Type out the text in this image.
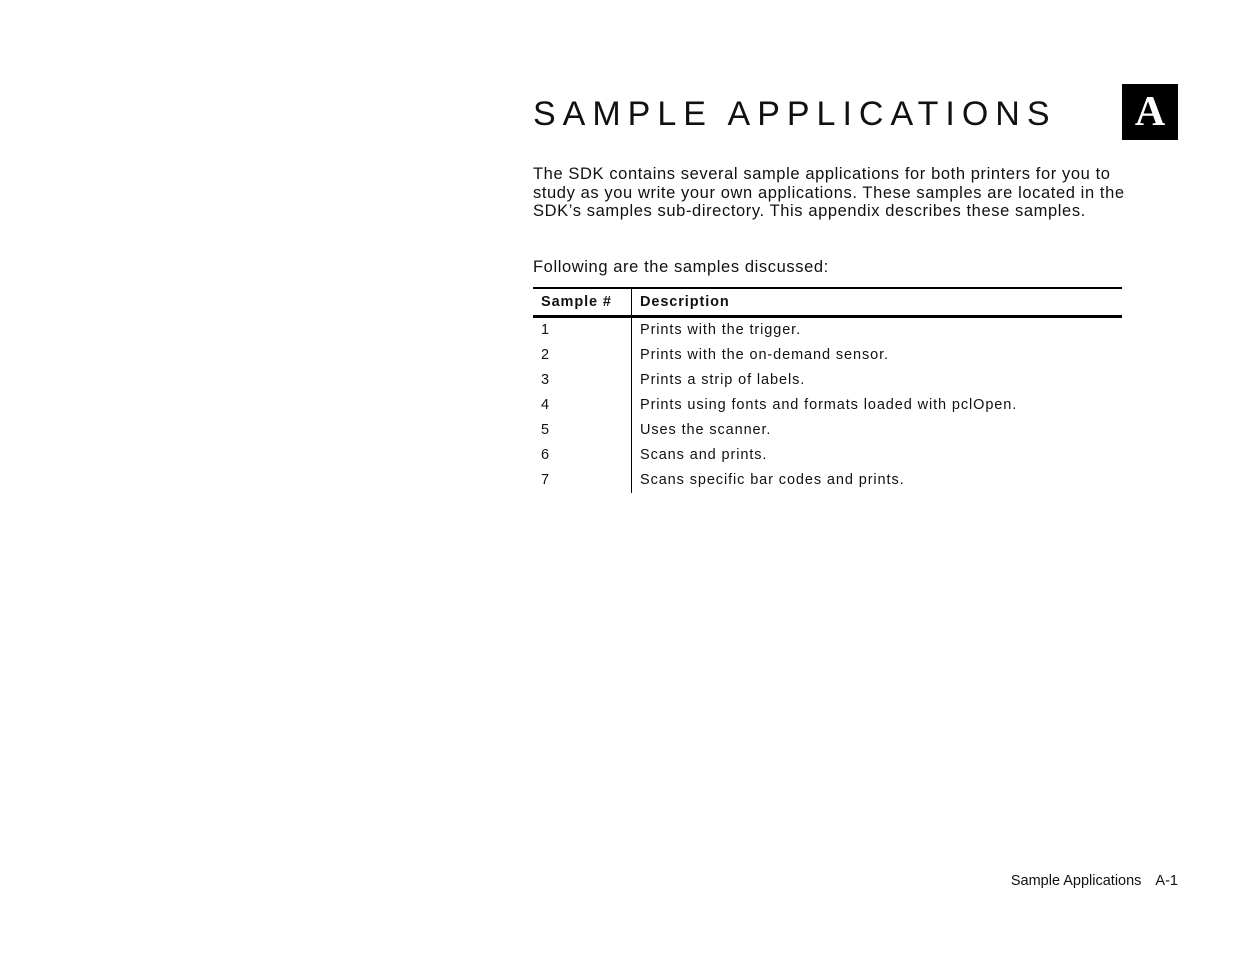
SAMPLE APPLICATIONS A

The SDK contains several sample applications for both printers for you to study as you write your own applications. These samples are located in the SDK’s samples sub-directory. This appendix describes these samples.

Following are the samples discussed:

Sample #	Description
1	Prints with the trigger.
2	Prints with the on-demand sensor.
3	Prints a strip of labels.
4	Prints using fonts and formats loaded with pclOpen.
5	Uses the scanner.
6	Scans and prints.
7	Scans specific bar codes and prints.
Sample Applications A-1
